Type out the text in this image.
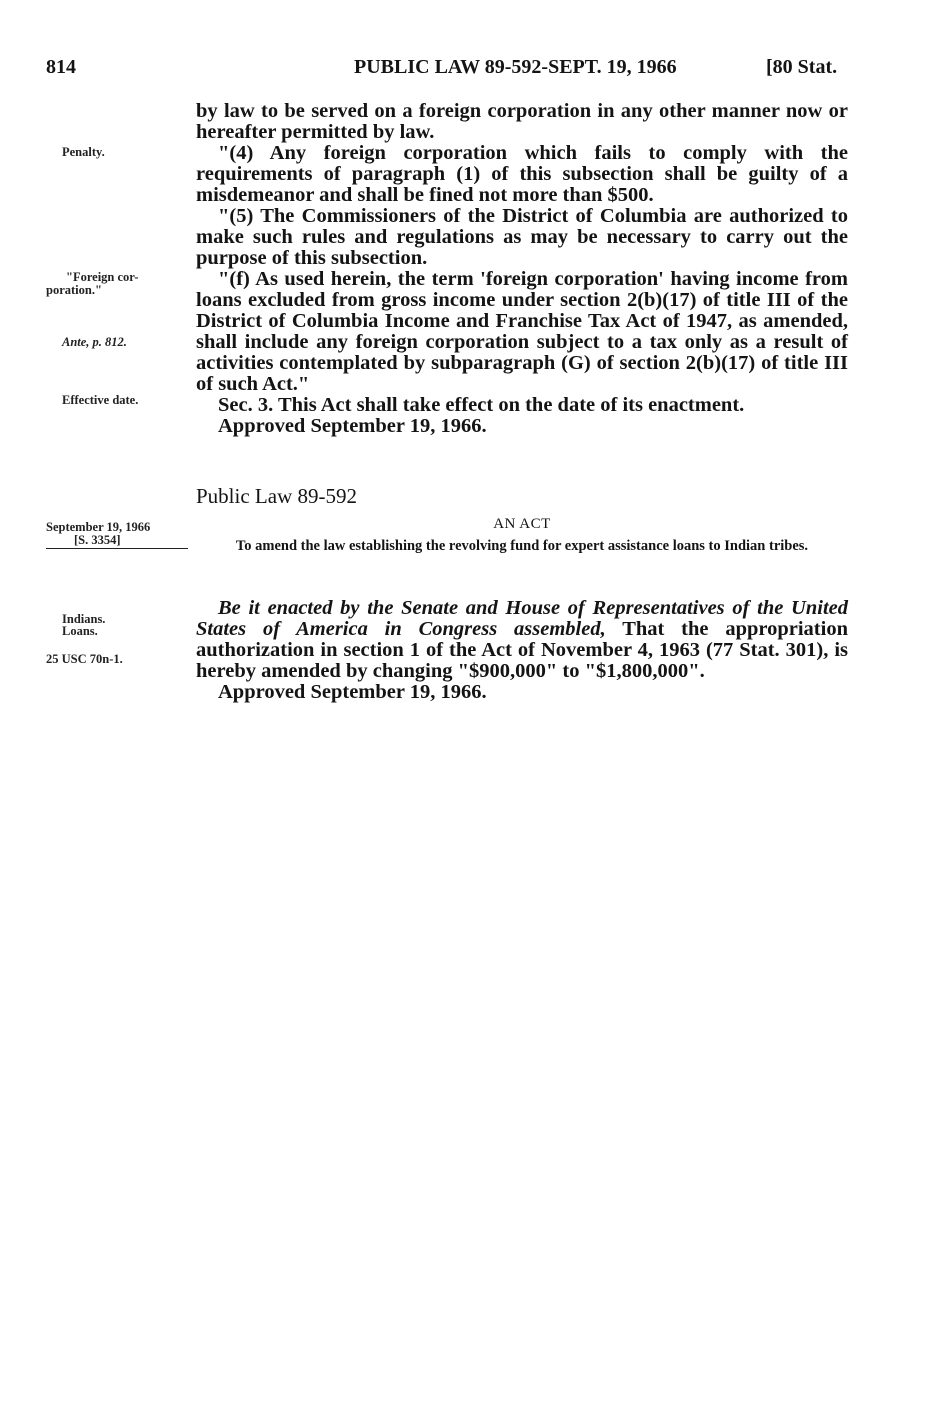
814	PUBLIC LAW 89-592-SEPT. 19, 1966	[80 Stat.
Penalty.
"Foreign cor-
poration."
Ante, p. 812.
Effective date.
September 19, 1966
[S. 3354]
Indians.
Loans.
25 USC 70n-1.

by law to be served on a foreign corporation in any other manner now or hereafter permitted by law.

"(4) Any foreign corporation which fails to comply with the requirements of paragraph (1) of this subsection shall be guilty of a misdemeanor and shall be fined not more than $500.

"(5) The Commissioners of the District of Columbia are authorized to make such rules and regulations as may be necessary to carry out the purpose of this subsection.

"(f) As used herein, the term 'foreign corporation' having income from loans excluded from gross income under section 2(b)(17) of title III of the District of Columbia Income and Franchise Tax Act of 1947, as amended, shall include any foreign corporation subject to a tax only as a result of activities contemplated by subparagraph (G) of section 2(b)(17) of title III of such Act."

Sec. 3. This Act shall take effect on the date of its enactment.

Approved September 19, 1966.

Public Law 89-592
AN ACT
To amend the law establishing the revolving fund for expert assistance loans to Indian tribes.

Be it enacted by the Senate and House of Representatives of the United States of America in Congress assembled, That the appropriation authorization in section 1 of the Act of November 4, 1963 (77 Stat. 301), is hereby amended by changing "$900,000" to "$1,800,000".

Approved September 19, 1966.
